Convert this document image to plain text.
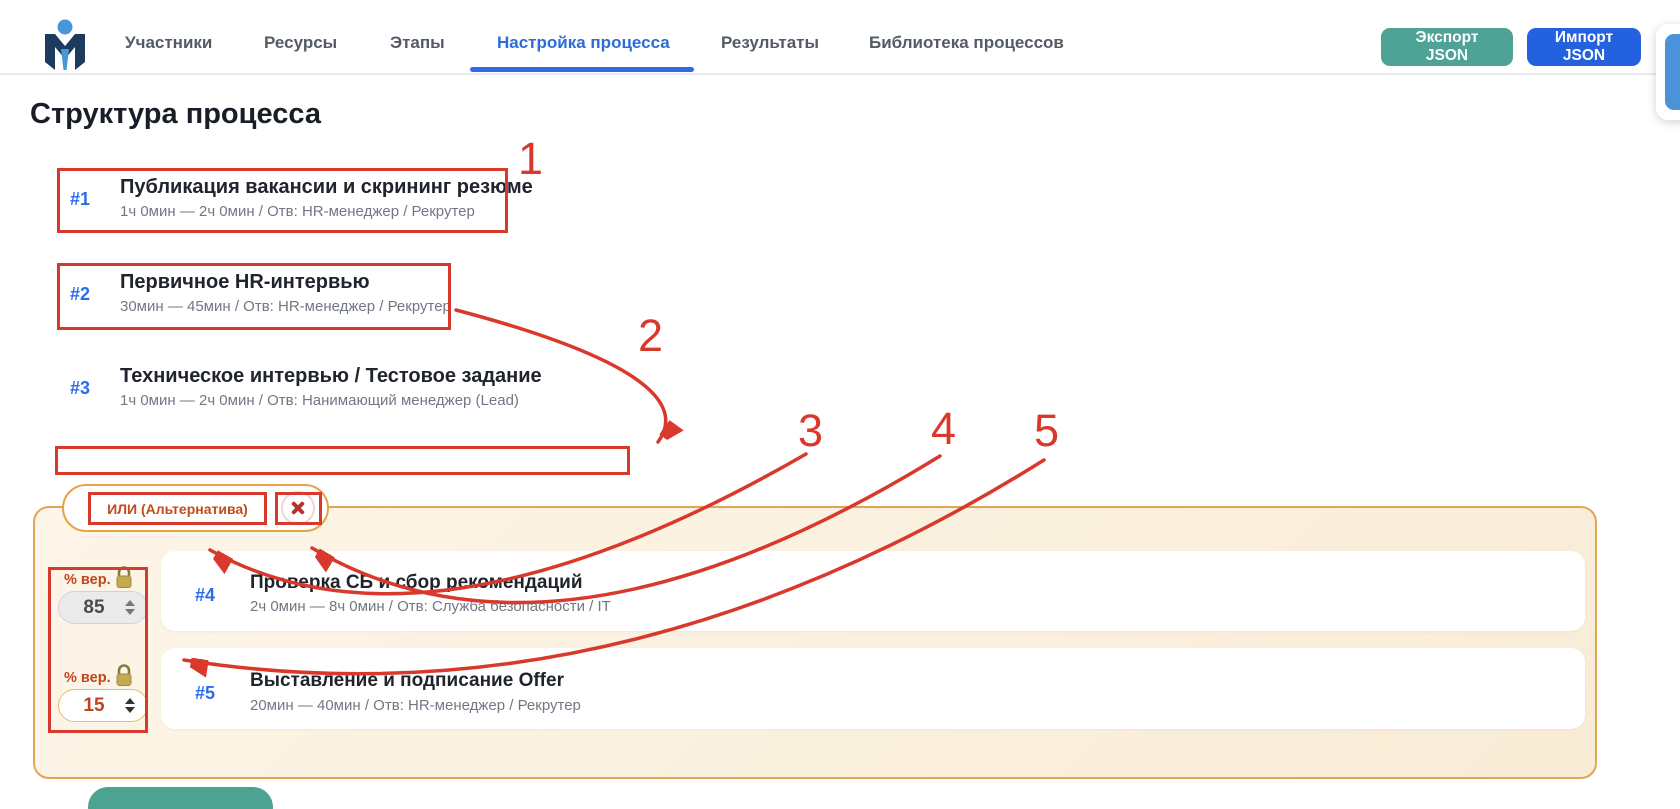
Участники	Ресурсы	Этапы	Настройка процесса	Результаты	Библиотека процессов	Экспорт JSON
Импорт JSON
Структура процесса
#1
Публикация вакансии и скрининг резюме
1ч 0мин — 2ч 0мин / Отв: HR-менеджер / Рекрутер
#2
Первичное HR-интервью
30мин — 45мин / Отв: HR-менеджер / Рекрутер
#3
Техническое интервью / Тестовое задание
1ч 0мин — 2ч 0мин / Отв: Нанимающий менеджер (Lead)
ИЛИ (Альтернатива)
% вер.
85
% вер.
15
#4
Проверка СБ и сбор рекомендаций
2ч 0мин — 8ч 0мин / Отв: Служба безопасности / IT
#5
Выставление и подписание Offer
20мин — 40мин / Отв: HR-менеджер / Рекрутер
1
2
3 4 5
